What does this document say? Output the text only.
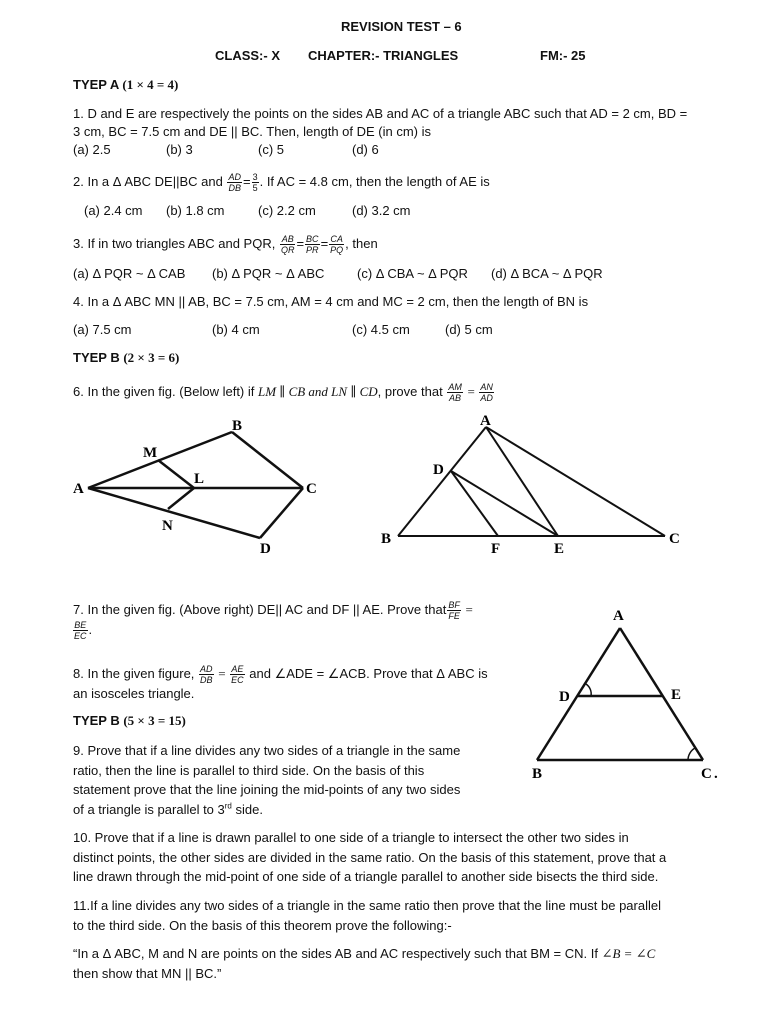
REVISION TEST – 6
CLASS:- X CHAPTER:- TRIANGLES	FM:- 25
TYEP A (1 × 4 = 4)
1. D and E are respectively the points on the sides AB and AC of a triangle ABC such that AD = 2 cm, BD =
3 cm, BC = 7.5 cm and DE || BC. Then, length of DE (in cm) is
(a) 2.5	(b) 3	(c) 5	(d) 6
2. In a Δ ABC DE||BC and $\frac{AD}{DB} = \frac{3}{5}$ . If AC = 4.8 cm, then the length of AE is
(a) 2.4 cm (b) 1.8 cm	(c) 2.2 cm	(d) 3.2 cm
3. If in two triangles ABC and PQR, $\frac{AB}{QR} = \frac{BC}{PR} = \frac{CA}{PQ}$ , then
(a) Δ PQR ~ Δ CAB (b) Δ PQR ~ Δ ABC	(c) Δ CBA ~ Δ PQR (d) Δ BCA ~ Δ PQR
4. In a Δ ABC MN || AB, BC = 7.5 cm, AM = 4 cm and MC = 2 cm, then the length of BN is
(a) 7.5 cm	(b) 4 cm	(c) 4.5 cm	(d) 5 cm
TYEP B (2 × 3 = 6)
6. In the given fig. (Below left) if LM ∥ CB and LN ∥ CD, prove that $\frac{AM}{AB} = \frac{AN}{AD}$
A
B
C
D
L
M
N
A
B	C
D
E
F
7. In the given fig. (Above right) DE|| AC and DF || AE. Prove that $\frac{BF}{FE}$ =
$\frac{BE}{EC}$ .
8. In the given figure, $\frac{AD}{DB} = \frac{AE}{EC}$ and ∠ADE = ∠ACB. Prove that Δ ABC is
an isosceles triangle.
A
B	C .
D	E
TYEP B (5 × 3 = 15)
9. Prove that if a line divides any two sides of a triangle in the same
ratio, then the line is parallel to third side. On the basis of this
statement prove that the line joining the mid-points of any two sides
of a triangle is parallel to 3rd side.
10. Prove that if a line is drawn parallel to one side of a triangle to intersect the other two sides in
distinct points, the other sides are divided in the same ratio. On the basis of this statement, prove that a
line drawn through the mid-point of one side of a triangle parallel to another side bisects the third side.
11.If a line divides any two sides of a triangle in the same ratio then prove that the line must be parallel
to the third side. On the basis of this theorem prove the following:-
“In a Δ ABC, M and N are points on the sides AB and AC respectively such that BM = CN. If ∠B = ∠C
then show that MN || BC.”
